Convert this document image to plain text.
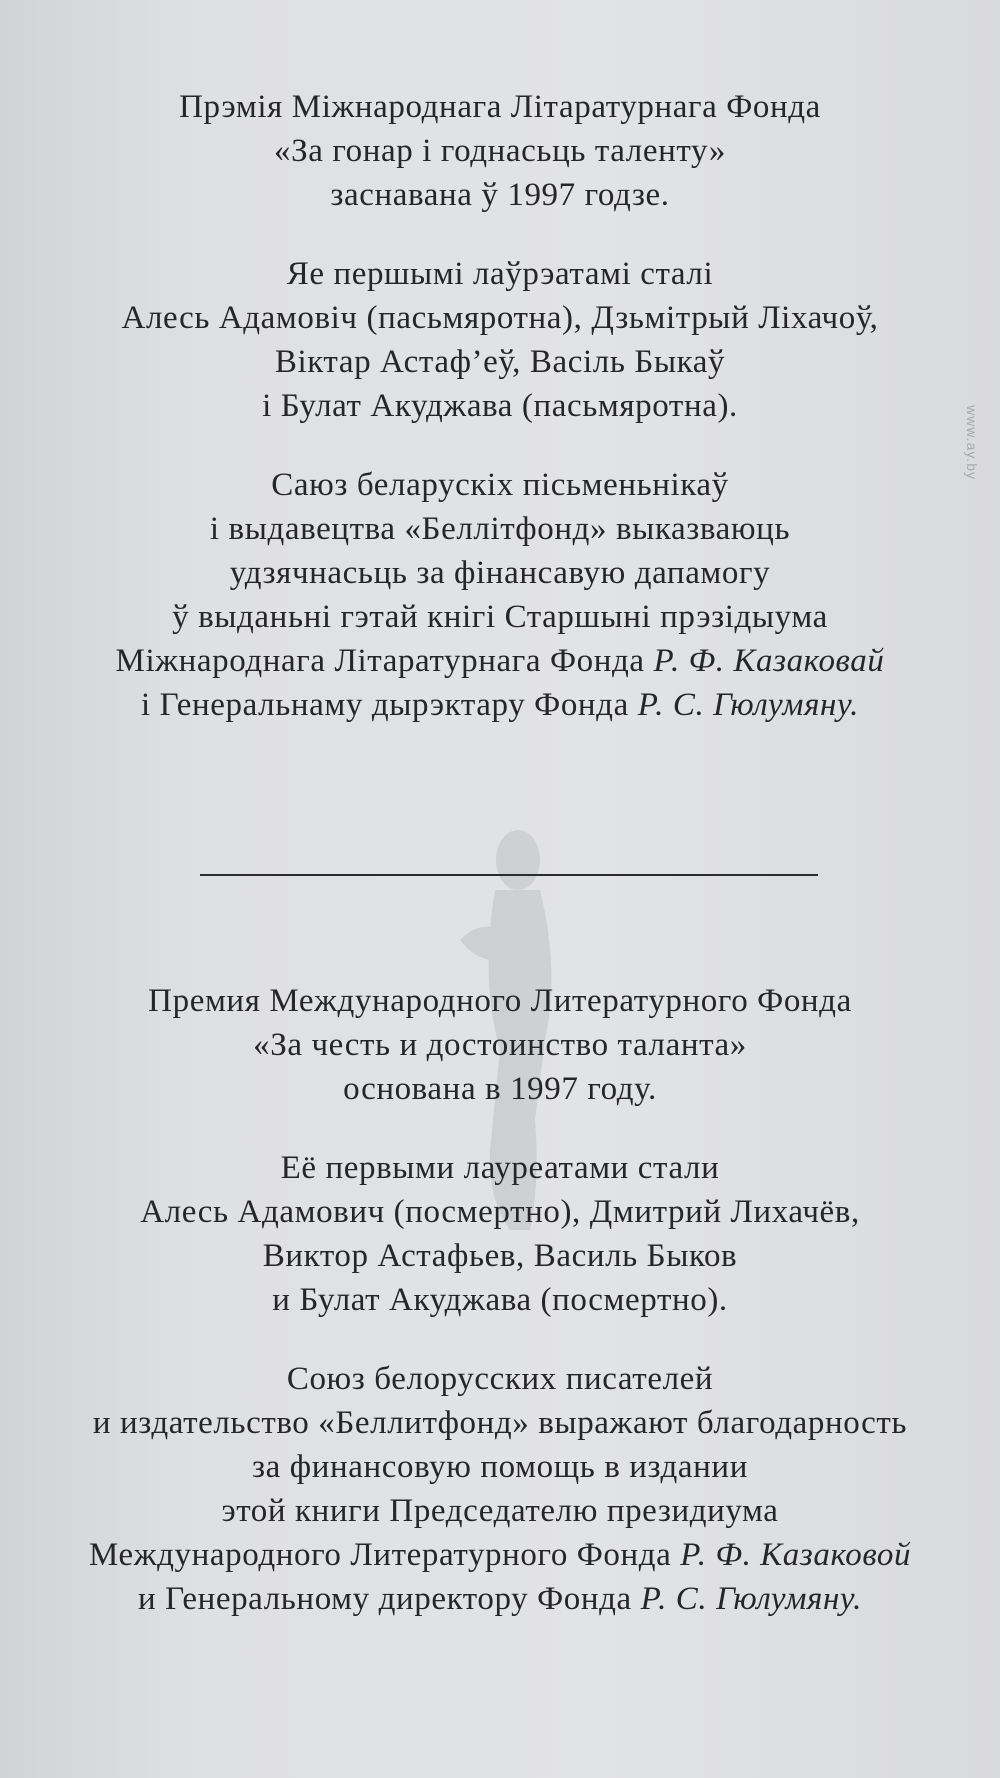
Прэмія Міжнароднага Літаратурнага Фонда
«За гонар і годнасьць таленту»
заснавана ў 1997 годзе.
Яе першымі лаўрэатамі сталі
Алесь Адамовіч (пасьмяротна), Дзьмітрый Ліхачоў,
Віктар Астаф’еў, Васіль Быкаў
і Булат Акуджава (пасьмяротна).
Саюз беларускіх пісьменьнікаў
і выдавецтва «Беллітфонд» выказваюць
удзячнасьць за фінансавую дапамогу
ў выданьні гэтай кнігі Старшыні прэзідыума
Міжнароднага Літаратурнага Фонда Р. Ф. Казаковай
і Генеральнаму дырэктару Фонда Р. С. Гюлумяну.
Премия Международного Литературного Фонда
«За честь и достоинство таланта»
основана в 1997 году.
Её первыми лауреатами стали
Алесь Адамович (посмертно), Дмитрий Лихачёв,
Виктор Астафьев, Василь Быков
и Булат Акуджава (посмертно).
Союз белорусских писателей
и издательство «Беллитфонд» выражают благодарность
за финансовую помощь в издании
этой книги Председателю президиума
Международного Литературного Фонда Р. Ф. Казаковой
и Генеральному директору Фонда Р. С. Гюлумяну.
www.ay.by
